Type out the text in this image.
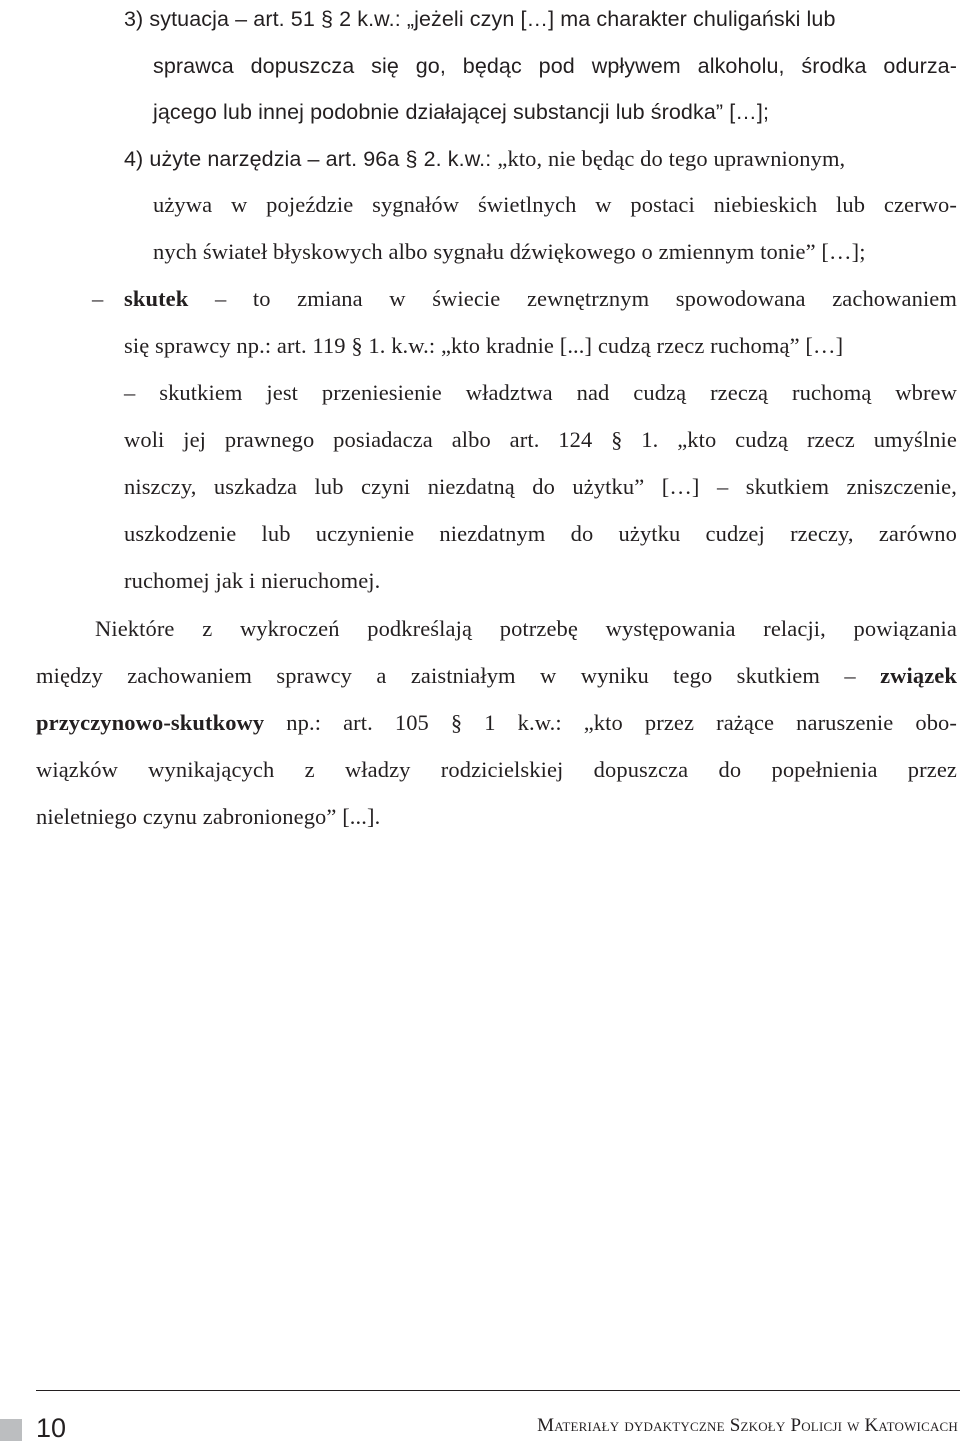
3) sytuacja – art. 51 § 2 k.w.: „jeżeli czyn […] ma charakter chuligański lub
sprawca dopuszcza się go, będąc pod wpływem alkoholu, środka odurza-
jącego lub innej podobnie działającej substancji lub środka” […];
4) użyte narzędzia – art. 96a § 2. k.w.: „kto, nie będąc do tego uprawnionym,
używa w pojeździe sygnałów świetlnych w postaci niebieskich lub czerwo-
nych świateł błyskowych albo sygnału dźwiękowego o zmiennym tonie” […];
– skutek – to zmiana w świecie zewnętrznym spowodowana zachowaniem
się sprawcy np.: art. 119 § 1. k.w.: „kto kradnie [...] cudzą rzecz ruchomą” […]
– skutkiem jest przeniesienie władztwa nad cudzą rzeczą ruchomą wbrew
woli jej prawnego posiadacza albo art. 124 § 1. „kto cudzą rzecz umyślnie
niszczy, uszkadza lub czyni niezdatną do użytku” […] – skutkiem zniszczenie,
uszkodzenie lub uczynienie niezdatnym do użytku cudzej rzeczy, zarówno
ruchomej jak i nieruchomej.
Niektóre z wykroczeń podkreślają potrzebę występowania relacji, powiązania
między zachowaniem sprawcy a zaistniałym w wyniku tego skutkiem – związek
przyczynowo-skutkowy np.: art. 105 § 1 k.w.: „kto przez rażące naruszenie obo-
wiązków wynikających z władzy rodzicielskiej dopuszcza do popełnienia przez
nieletniego czynu zabronionego” [...].
10	Materiały dydaktyczne Szkoły Policji w Katowicach
